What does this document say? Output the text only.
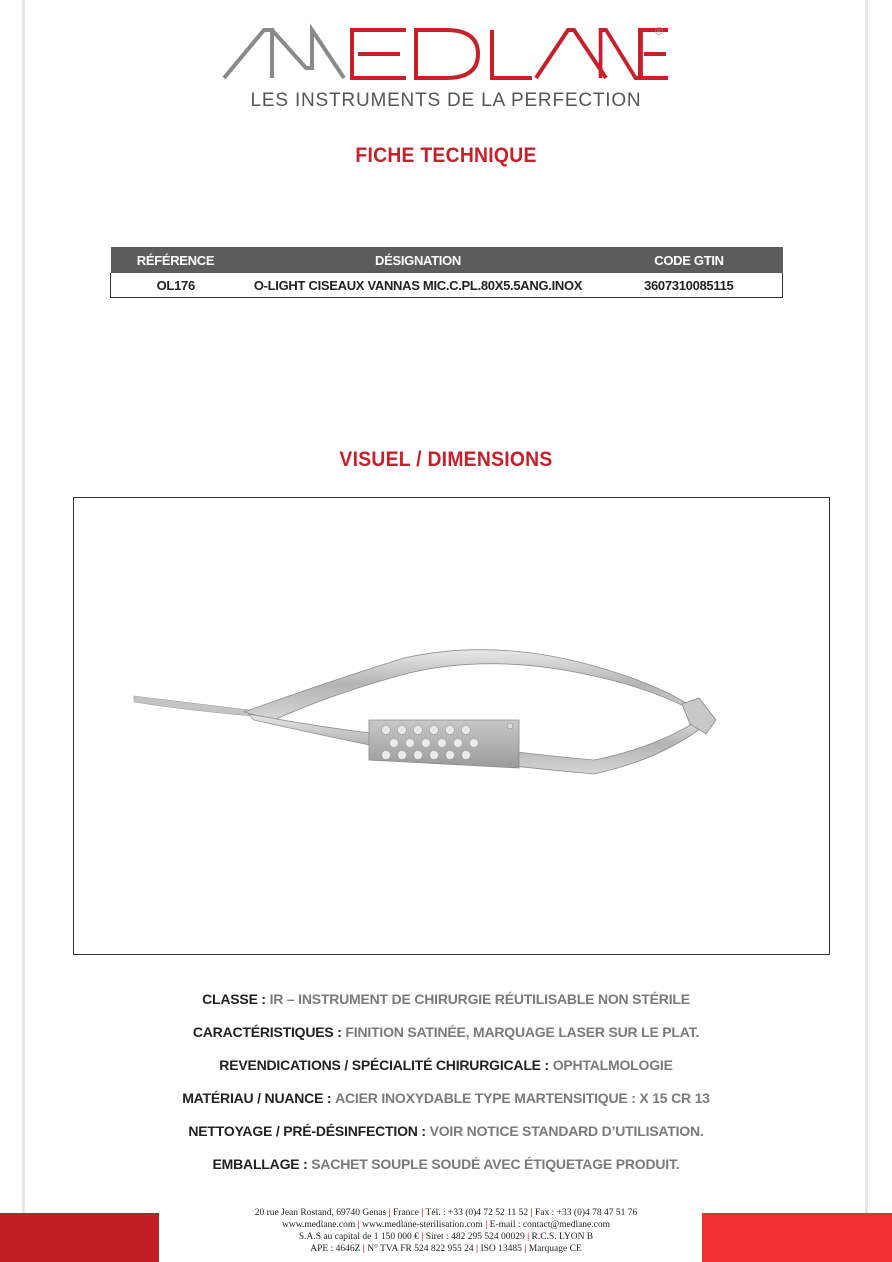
®
LES INSTRUMENTS DE LA PERFECTION
FICHE TECHNIQUE
RÉFÉRENCE	DÉSIGNATION	CODE GTIN
OL176	O-LIGHT CISEAUX VANNAS MIC.C.PL.80X5.5ANG.INOX	3607310085115
VISUEL / DIMENSIONS
CLASSE : IR – INSTRUMENT DE CHIRURGIE RÉUTILISABLE NON STÉRILE
CARACTÉRISTIQUES : FINITION SATINÉE, MARQUAGE LASER SUR LE PLAT.
REVENDICATIONS / SPÉCIALITÉ CHIRURGICALE : OPHTALMOLOGIE
MATÉRIAU / NUANCE : ACIER INOXYDABLE TYPE MARTENSITIQUE : X 15 CR 13
NETTOYAGE / PRÉ-DÉSINFECTION : VOIR NOTICE STANDARD D’UTILISATION.
EMBALLAGE : SACHET SOUPLE SOUDÉ AVEC ÉTIQUETAGE PRODUIT.
20 rue Jean Rostand, 69740 Genas | France | Tél. : +33 (0)4 72 52 11 52 | Fax : +33 (0)4 78 47 51 76
www.medlane.com | www.medlane-sterilisation.com | E-mail : contact@medlane.com
S.A.S au capital de 1 150 000 € | Siret : 482 295 524 00029 | R.C.S. LYON B
APE : 4646Z | N° TVA FR 524 822 955 24 | ISO 13485 | Marquage CE
